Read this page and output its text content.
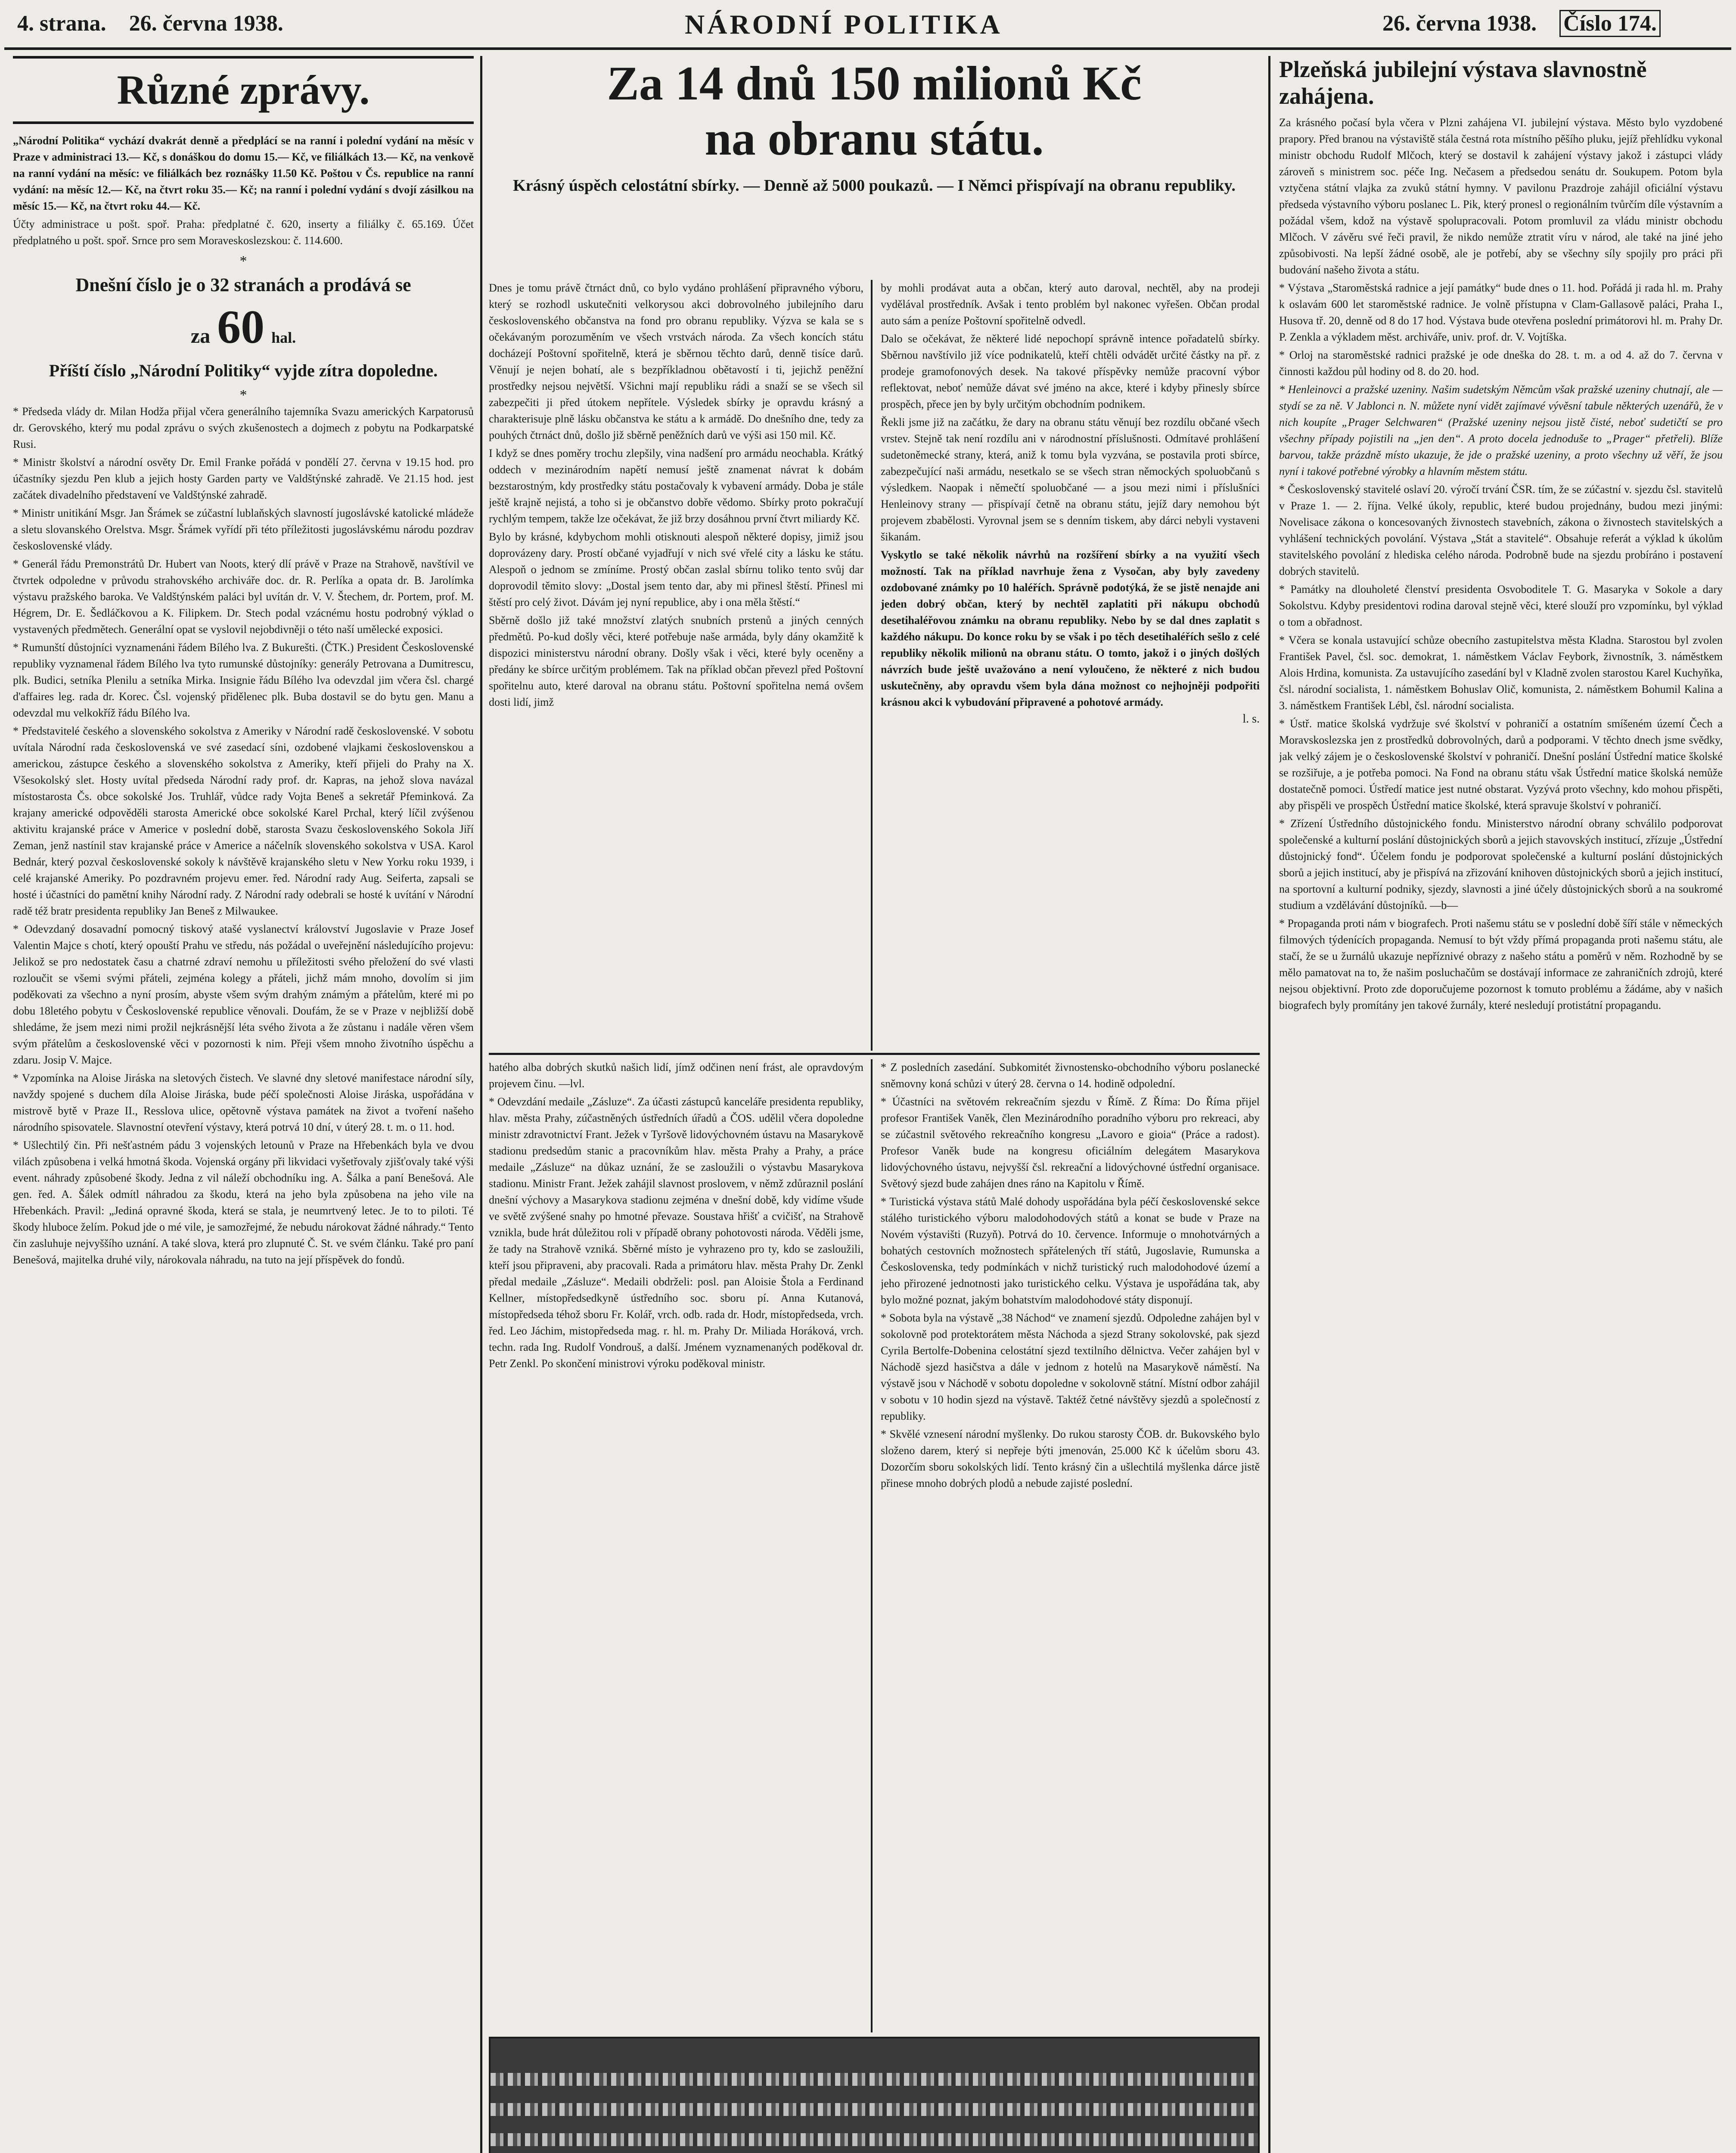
4. strana. 26. června 1938.	NÁRODNÍ POLITIKA	26. června 1938. Číslo 174.
Různé zprávy.

„Národní Politika“ vychází dvakrát denně a předplácí se na ranní i polední vydání na měsíc v Praze v administraci 13.— Kč, s donáškou do domu 15.— Kč, ve filiálkách 13.— Kč, na venkově na ranní vydání na měsíc: ve filiálkách bez roznášky 11.50 Kč. Poštou v Čs. republice na ranní vydání: na měsíc 12.— Kč, na čtvrt roku 35.— Kč; na ranní i polední vydání s dvojí zásilkou na měsíc 15.— Kč, na čtvrt roku 44.— Kč.

Účty administrace u pošt. spoř. Praha: předplatné č. 620, inserty a filiálky č. 65.169. Účet předplatného u pošt. spoř. Srnce pro sem Moraveskoslezskou: č. 114.600.

*
Dnešní číslo je o 32 stranách a prodává se
za 60 hal.
Příští číslo „Národní Politiky“ vyjde zítra dopoledne.
*

* Předseda vlády dr. Milan Hodža přijal včera generálního tajemníka Svazu amerických Karpatorusů dr. Gerovského, který mu podal zprávu o svých zkušenostech a dojmech z pobytu na Podkarpatské Rusi.

* Ministr školství a národní osvěty Dr. Emil Franke pořádá v pondělí 27. června v 19.15 hod. pro účastníky sjezdu Pen klub a jejich hosty Garden party ve Valdštýnské zahradě. Ve 21.15 hod. jest začátek divadelního představení ve Valdštýnské zahradě.

* Ministr unitikání Msgr. Jan Šrámek se zúčastní lublaňských slavností jugoslávské katolické mládeže a sletu slovanského Orelstva. Msgr. Šrámek vyřídí při této příležitosti jugoslávskému národu pozdrav československé vlády.

* Generál řádu Premonstrátů Dr. Hubert van Noots, který dlí právě v Praze na Strahově, navštívil ve čtvrtek odpoledne v průvodu strahovského archiváře doc. dr. R. Perlíka a opata dr. B. Jarolímka výstavu pražského baroka. Ve Valdštýnském paláci byl uvítán dr. V. V. Štechem, dr. Portem, prof. M. Hégrem, Dr. E. Šedláčkovou a K. Filipkem. Dr. Stech podal vzácnému hostu podrobný výklad o vystavených předmětech. Generální opat se vyslovil nejobdivněji o této naší umělecké exposici.

* Rumunští důstojníci vyznamenáni řádem Bílého lva. Z Bukurešti. (ČTK.) President Československé republiky vyznamenal řádem Bílého lva tyto rumunské důstojníky: generály Petrovana a Dumitrescu, plk. Budici, setníka Plenilu a setníka Mirka. Insignie řádu Bílého lva odevzdal jim včera čsl. chargé d'affaires leg. rada dr. Korec. Čsl. vojenský přidělenec plk. Buba dostavil se do bytu gen. Manu a odevzdal mu velkokříž řádu Bílého lva.

* Představitelé českého a slovenského sokolstva z Ameriky v Národní radě československé. V sobotu uvítala Národní rada československá ve své zasedací síni, ozdobené vlajkami československou a americkou, zástupce českého a slovenského sokolstva z Ameriky, kteří přijeli do Prahy na X. Všesokolský slet. Hosty uvítal předseda Národní rady prof. dr. Kapras, na jehož slova navázal místostarosta Čs. obce sokolské Jos. Truhlář, vůdce rady Vojta Beneš a sekretář Pfeminková. Za krajany americké odpověděli starosta Americké obce sokolské Karel Prchal, který líčil zvýšenou aktivitu krajanské práce v Americe v poslední době, starosta Svazu československého Sokola Jiří Zeman, jenž nastínil stav krajanské práce v Americe a náčelník slovenského sokolstva v USA. Karol Bednár, který pozval československé sokoly k návštěvě krajanského sletu v New Yorku roku 1939, i celé krajanské Ameriky. Po pozdravném projevu emer. řed. Národní rady Aug. Seiferta, zapsali se hosté i účastníci do pamětní knihy Národní rady. Z Národní rady odebrali se hosté k uvítání v Národní radě též bratr presidenta republiky Jan Beneš z Milwaukee.

* Odevzdaný dosavadní pomocný tiskový atašé vyslanectví království Jugoslavie v Praze Josef Valentin Majce s chotí, který opouští Prahu ve středu, nás požádal o uveřejnění následujícího projevu: Jelikož se pro nedostatek času a chatrné zdraví nemohu u příležitosti svého přeložení do své vlasti rozloučit se všemi svými přáteli, zejména kolegy a přáteli, jichž mám mnoho, dovolím si jim poděkovati za všechno a nyní prosím, abyste všem svým drahým známým a přátelům, které mi po dobu 18letého pobytu v Československé republice věnovali. Doufám, že se v Praze v nejbližší době shledáme, že jsem mezi nimi prožil nejkrásnější léta svého života a že zůstanu i nadále věren všem svým přátelům a československé věci v pozornosti k nim. Přeji všem mnoho životního úspěchu a zdaru. Josip V. Majce.

* Vzpomínka na Aloise Jiráska na sletových čistech. Ve slavné dny sletové manifestace národní síly, navždy spojené s duchem díla Aloise Jiráska, bude péčí společnosti Aloise Jiráska, uspořádána v mistrově bytě v Praze II., Resslova ulice, opětovně výstava památek na život a tvoření našeho národního spisovatele. Slavnostní otevření výstavy, která potrvá 10 dní, v úterý 28. t. m. o 11. hod.

* Ušlechtilý čin. Při nešťastném pádu 3 vojenských letounů v Praze na Hřebenkách byla ve dvou vilách způsobena i velká hmotná škoda. Vojenská orgány při likvidaci vyšetřovaly zjišťovaly také výši event. náhrady způsobené škody. Jedna z vil náleží obchodníku ing. A. Šálka a paní Benešová. Ale gen. řed. A. Šálek odmítl náhradou za škodu, která na jeho byla způsobena na jeho vile na Hřebenkách. Pravil: „Jediná opravné škoda, která se stala, je neumrtvený letec. Je to to piloti. Té škody hluboce želím. Pokud jde o mé vile, je samozřejmé, že nebudu nárokovat žádné náhrady.“ Tento čin zasluhuje nejvyššího uznání. A také slova, která pro zlupnuté Č. St. ve svém článku. Také pro paní Benešová, majitelka druhé vily, nárokovala náhradu, na tuto na její příspěvek do fondů.

Za 14 dnů 150 milionů Kč
na obranu státu.
Krásný úspěch celostátní sbírky. — Denně až 5000 poukazů. — I Němci přispívají na obranu republiky.

Dnes je tomu právě čtrnáct dnů, co bylo vydáno prohlášení připravného výboru, který se rozhodl uskutečniti velkorysou akci dobrovolného jubilejního daru československého občanstva na fond pro obranu republiky. Výzva se kala se s očekávaným porozuměním ve všech vrstvách národa. Za všech koncích státu docházejí Poštovní spořitelně, která je sběrnou těchto darů, denně tisíce darů. Věnují je nejen bohatí, ale s bezpříkladnou obětavostí i ti, jejichž peněžní prostředky nejsou největší. Všichni mají republiku rádi a snaží se se všech sil zabezpečiti ji před útokem nepřítele. Výsledek sbírky je opravdu krásný a charakterisuje plně lásku občanstva ke státu a k armádě. Do dnešního dne, tedy za pouhých čtrnáct dnů, došlo již sběrně peněžních darů ve výši asi 150 mil. Kč.

I když se dnes poměry trochu zlepšily, vina nadšení pro armádu neochabla. Krátký oddech v mezinárodním napětí nemusí ještě znamenat návrat k dobám bezstarostným, kdy prostředky státu postačovaly k vybavení armády. Doba je stále ještě krajně nejistá, a toho si je občanstvo dobře vědomo. Sbírky proto pokračují rychlým tempem, takže lze očekávat, že již brzy dosáhnou první čtvrt miliardy Kč.

Bylo by krásné, kdybychom mohli otisknouti alespoň některé dopisy, jimiž jsou doprovázeny dary. Prostí občané vyjadřují v nich své vřelé city a lásku ke státu. Alespoň o jednom se zmíníme. Prostý občan zaslal sbírnu toliko tento svůj dar doprovodil těmito slovy: „Dostal jsem tento dar, aby mi přinesl štěstí. Přinesl mi štěstí pro celý život. Dávám jej nyní republice, aby i ona měla štěstí.“

Sběrně došlo již také množství zlatých snubních prstenů a jiných cenných předmětů. Po-kud došly věci, které potřebuje naše armáda, byly dány okamžitě k dispozici ministerstvu národní obrany. Došly však i věci, které byly oceněny a předány ke sbírce určitým problémem. Tak na příklad občan převezl před Poštovní spořitelnu auto, které daroval na obranu státu. Poštovní spořitelna nemá ovšem dosti lidí, jimž

by mohli prodávat auta a občan, který auto daroval, nechtěl, aby na prodeji vydělával prostředník. Avšak i tento problém byl nakonec vyřešen. Občan prodal auto sám a peníze Poštovní spořitelně odvedl.

Dalo se očekávat, že některé lidé nepochopí správně intence pořadatelů sbírky. Sběrnou navštívilo již více podnikatelů, kteří chtěli odvádět určité částky na př. z prodeje gramofonových desek. Na takové příspěvky nemůže pracovní výbor reflektovat, neboť nemůže dávat své jméno na akce, které i kdyby přinesly sbírce prospěch, přece jen by byly určitým obchodním podnikem.

Řekli jsme již na začátku, že dary na obranu státu věnují bez rozdílu občané všech vrstev. Stejně tak není rozdílu ani v národnostní příslušnosti. Odmítavé prohlášení sudetoněmecké strany, která, aniž k tomu byla vyzvána, se postavila proti sbírce, zabezpečující naši armádu, nesetkalo se se všech stran němockých spoluobčanů s výsledkem. Naopak i němečtí spoluobčané — a jsou mezi nimi i příslušníci Henleinovy strany — přispívají četně na obranu státu, jejíž dary nemohou být projevem zbabělosti. Vyrovnal jsem se s denním tiskem, aby dárci nebyli vystaveni šikanám.

Vyskytlo se také několik návrhů na rozšíření sbírky a na využití všech možností. Tak na příklad navrhuje žena z Vysočan, aby byly zavedeny ozdobované známky po 10 haléřích. Správně podotýká, že se jistě nenajde ani jeden dobrý občan, který by nechtěl zaplatiti při nákupu obchodů desetihaléřovou známku na obranu republiky. Nebo by se dal dnes zaplatit s každého nákupu. Do konce roku by se však i po těch desetihaléřích sešlo z celé republiky několik milionů na obranu státu. O tomto, jakož i o jiných došlých návrzích bude ještě uvažováno a není vyloučeno, že některé z nich budou uskutečněny, aby opravdu všem byla dána možnost co nejhojněji podpořiti krásnou akci k vybudování připravené a pohotové armády.

l. s.

hatého alba dobrých skutků našich lidí, jímž odčinen není frást, ale opravdovým projevem činu. —lvl.

* Odevzdání medaile „Zásluze“. Za účasti zástupců kanceláře presidenta republiky, hlav. města Prahy, zúčastněných ústředních úřadů a ČOS. udělil včera dopoledne ministr zdravotnictví Frant. Ježek v Tyršově lidovýchovném ústavu na Masarykově stadionu predsedům stanic a pracovníkům hlav. města Prahy a Prahy, a práce medaile „Zásluze“ na důkaz uznání, že se zasloužili o výstavbu Masarykova stadionu. Ministr Frant. Ježek zahájil slavnost proslovem, v němž zdůraznil poslání dnešní výchovy a Masarykova stadionu zejména v dnešní době, kdy vidíme všude ve světě zvýšené snahy po hmotné převaze. Soustava hřišť a cvičišť, na Strahově vznikla, bude hrát důležitou roli v případě obrany pohotovosti národa. Věděli jsme, že tady na Strahově vzniká. Sběrné místo je vyhrazeno pro ty, kdo se zasloužili, kteří jsou připraveni, aby pracovali. Rada a primátoru hlav. města Prahy Dr. Zenkl předal medaile „Zásluze“. Medaili obdrželi: posl. pan Aloisie Štola a Ferdinand Kellner, místopředsedkyně ústředního soc. sboru pí. Anna Kutanová, místopředseda téhož sboru Fr. Kolář, vrch. odb. rada dr. Hodr, místopředseda, vrch. řed. Leo Jáchim, mistopředseda mag. r. hl. m. Prahy Dr. Miliada Horáková, vrch. techn. rada Ing. Rudolf Vondrouš, a další. Jménem vyznamenaných poděkoval dr. Petr Zenkl. Po skončení ministrovi výroku poděkoval ministr.

* Z posledních zasedání. Subkomitét živnostensko-obchodního výboru poslanecké sněmovny koná schůzi v úterý 28. června o 14. hodině odpolední.

* Účastníci na světovém rekreačním sjezdu v Římě. Z Říma: Do Říma přijel profesor František Vaněk, člen Mezinárodního poradního výboru pro rekreaci, aby se zúčastnil světového rekreačního kongresu „Lavoro e gioia“ (Práce a radost). Profesor Vaněk bude na kongresu oficiálním delegátem Masarykova lidovýchovného ústavu, nejvyšší čsl. rekreační a lidovýchovné ústřední organisace. Světový sjezd bude zahájen dnes ráno na Kapitolu v Římě.

* Turistická výstava států Malé dohody uspořádána byla péčí československé sekce stálého turistického výboru malodohodových států a konat se bude v Praze na Novém výstavišti (Ruzyň). Potrvá do 10. července. Informuje o mnohotvárných a bohatých cestovních možnostech spřátelených tří států, Jugoslavie, Rumunska a Československa, tedy podmínkách v nichž turistický ruch malodohodové území a jeho přirozené jednotnosti jako turistického celku. Výstava je uspořádána tak, aby bylo možné poznat, jakým bohatstvím malodohodové státy disponují.

* Sobota byla na výstavě „38 Náchod“ ve znamení sjezdů. Odpoledne zahájen byl v sokolovně pod protektorátem města Náchoda a sjezd Strany sokolovské, pak sjezd Cyrila Bertolfe-Dobenina celostátní sjezd textilního dělnictva. Večer zahájen byl v Náchodě sjezd hasičstva a dále v jednom z hotelů na Masarykově náměstí. Na výstavě jsou v Náchodě v sobotu dopoledne v sokolovně státní. Místní odbor zahájil v sobotu v 10 hodin sjezd na výstavě. Taktéž četné návštěvy sjezdů a společností z republiky.

* Skvělé vznesení národní myšlenky. Do rukou starosty ČOB. dr. Bukovského bylo složeno darem, který si nepřeje býti jmenován, 25.000 Kč k účelům sboru 43. Dozorčím sboru sokolských lidí. Tento krásný čin a ušlechtilá myšlenka dárce jistě přinese mnoho dobrých plodů a nebude zajisté poslední.

Plzeňská jubilejní výstava slavnostně zahájena.

Za krásného počasí byla včera v Plzni zahájena VI. jubilejní výstava. Město bylo vyzdobené prapory. Před branou na výstaviště stála čestná rota místního pěšího pluku, jejíž přehlídku vykonal ministr obchodu Rudolf Mlčoch, který se dostavil k zahájení výstavy jakož i zástupci vlády zároveň s ministrem soc. péče Ing. Nečasem a předsedou senátu dr. Soukupem. Potom byla vztyčena státní vlajka za zvuků státní hymny. V pavilonu Prazdroje zahájil oficiální výstavu předseda výstavního výboru poslanec L. Pik, který pronesl o regionálním tvůrčím díle výstavním a požádal všem, kdož na výstavě spolupracovali. Potom promluvil za vládu ministr obchodu Mlčoch. V závěru své řeči pravil, že nikdo nemůže ztratit víru v národ, ale také na jiné jeho způsobivosti. Na lepší žádné osobě, ale je potřebí, aby se všechny síly spojily pro práci při budování našeho života a státu.

* Výstava „Staroměstská radnice a její památky“ bude dnes o 11. hod. Pořádá ji rada hl. m. Prahy k oslavám 600 let staroměstské radnice. Je volně přístupna v Clam-Gallasově paláci, Praha I., Husova tř. 20, denně od 8 do 17 hod. Výstava bude otevřena poslední primátorovi hl. m. Prahy Dr. P. Zenkla a výkladem měst. archiváře, univ. prof. dr. V. Vojtíška.

* Orloj na staroměstské radnici pražské je ode dneška do 28. t. m. a od 4. až do 7. června v činnosti každou půl hodiny od 8. do 20. hod.

* Henleinovci a pražské uzeniny. Našim sudetským Němcům však pražské uzeniny chutnají, ale — stydí se za ně. V Jablonci n. N. můžete nyní vidět zajímavé vývěsní tabule některých uzenářů, že v nich koupíte „Prager Selchwaren“ (Pražské uzeniny nejsou jistě čisté, neboť sudetičtí se pro všechny případy pojistili na „jen den“. A proto docela jednoduše to „Prager“ přetřeli). Blíže barvou, takže prázdně místo ukazuje, že jde o pražské uzeniny, a proto všechny už věří, že jsou nyní i takové potřebné výrobky a hlavním městem státu.

* Československý stavitelé oslaví 20. výročí trvání ČSR. tím, že se zúčastní v. sjezdu čsl. stavitelů v Praze 1. — 2. října. Velké úkoly, republic, které budou projednány, budou mezi jinými: Novelisace zákona o koncesovaných živnostech stavebních, zákona o živnostech stavitelských a vyhlášení technických povolání. Výstava „Stát a stavitelé“. Obsahuje referát a výklad k úkolům stavitelského povolání z hlediska celého národa. Podrobně bude na sjezdu probíráno i postavení dobrých stavitelů.

* Památky na dlouholeté členství presidenta Osvoboditele T. G. Masaryka v Sokole a dary Sokolstvu. Kdyby presidentovi rodina daroval stejně věci, které slouží pro vzpomínku, byl výklad o tom a obřadnost.

* Včera se konala ustavující schůze obecního zastupitelstva města Kladna. Starostou byl zvolen František Pavel, čsl. soc. demokrat, 1. náměstkem Václav Feybork, živnostník, 3. náměstkem Alois Hrdina, komunista. Za ustavujícího zasedání byl v Kladně zvolen starostou Karel Kuchyňka, čsl. národní socialista, 1. náměstkem Bohuslav Olič, komunista, 2. náměstkem Bohumil Kalina a 3. náměstkem František Lébl, čsl. národní socialista.

* Ústř. matice školská vydržuje své školství v pohraničí a ostatním smíšeném území Čech a Moravskoslezska jen z prostředků dobrovolných, darů a podporami. V těchto dnech jsme svědky, jak velký zájem je o československé školství v pohraničí. Dnešní poslání Ústřední matice školské se rozšiřuje, a je potřeba pomoci. Na Fond na obranu státu však Ústřední matice školská nemůže dostatečně pomoci. Ústředí matice jest nutné obstarat. Vyzývá proto všechny, kdo mohou přispěti, aby přispěli ve prospěch Ústřední matice školské, která spravuje školství v pohraničí.

* Zřízení Ústředního důstojnického fondu. Ministerstvo národní obrany schválilo podporovat společenské a kulturní poslání důstojnických sborů a jejich stavovských institucí, zřízuje „Ústřední důstojnický fond“. Účelem fondu je podporovat společenské a kulturní poslání důstojnických sborů a jejich institucí, aby je přispívá na zřizování knihoven důstojnických sborů a jejich institucí, na sportovní a kulturní podniky, sjezdy, slavnosti a jiné účely důstojnických sborů a na soukromé studium a vzdělávání důstojníků. —b—

* Propaganda proti nám v biografech. Proti našemu státu se v poslední době šíří stále v německých filmových týdenících propaganda. Nemusí to být vždy přímá propaganda proti našemu státu, ale stačí, že se u žurnálů ukazuje nepříznivé obrazy z našeho státu a poměrů v něm. Rozhodně by se mělo pamatovat na to, že našim posluchačům se dostávají informace ze zahraničních zdrojů, které nejsou objektivní. Proto zde doporučujeme pozornost k tomuto problému a žádáme, aby v našich biografech byly promítány jen takové žurnály, které nesledují protistátní propagandu.
